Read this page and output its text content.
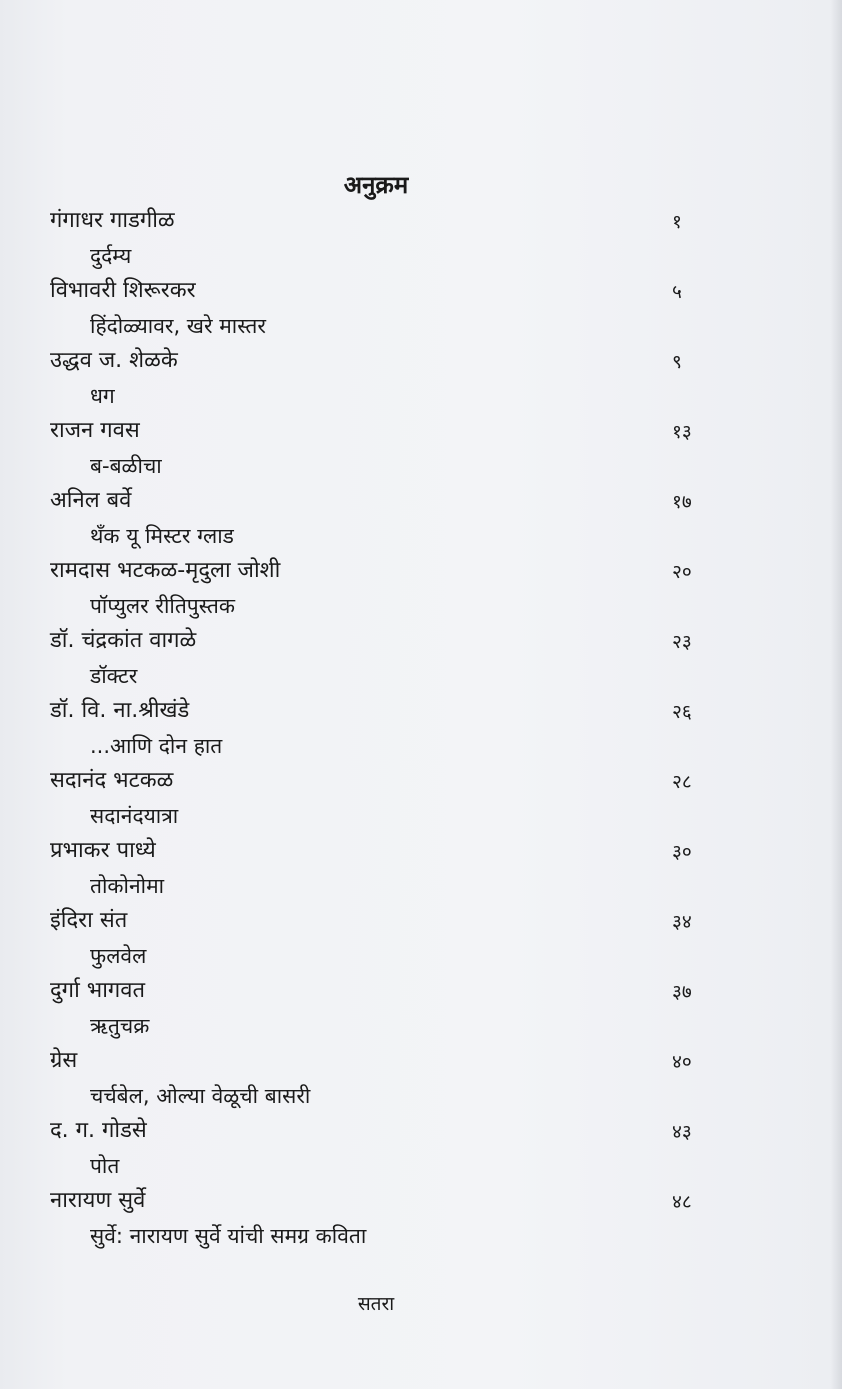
अनुक्रम
गंगाधर गाडगीळ	१
दुर्दम्य
विभावरी शिरूरकर	५
हिंदोळ्यावर, खरे मास्तर
उद्धव ज. शेळके	९
धग
राजन गवस	१३
ब-बळीचा
अनिल बर्वे	१७
थँक यू मिस्टर ग्लाड
रामदास भटकळ-मृदुला जोशी	२०
पॉप्युलर रीतिपुस्तक
डॉ. चंद्रकांत वागळे	२३
डॉक्टर
डॉ. वि. ना.श्रीखंडे	२६
...आणि दोन हात
सदानंद भटकळ	२८
सदानंदयात्रा
प्रभाकर पाध्ये	३०
तोकोनोमा
इंदिरा संत	३४
फुलवेल
दुर्गा भागवत	३७
ऋतुचक्र
ग्रेस	४०
चर्चबेल, ओल्या वेळूची बासरी
द. ग. गोडसे	४३
पोत
नारायण सुर्वे	४८
सुर्वे: नारायण सुर्वे यांची समग्र कविता
सतरा
